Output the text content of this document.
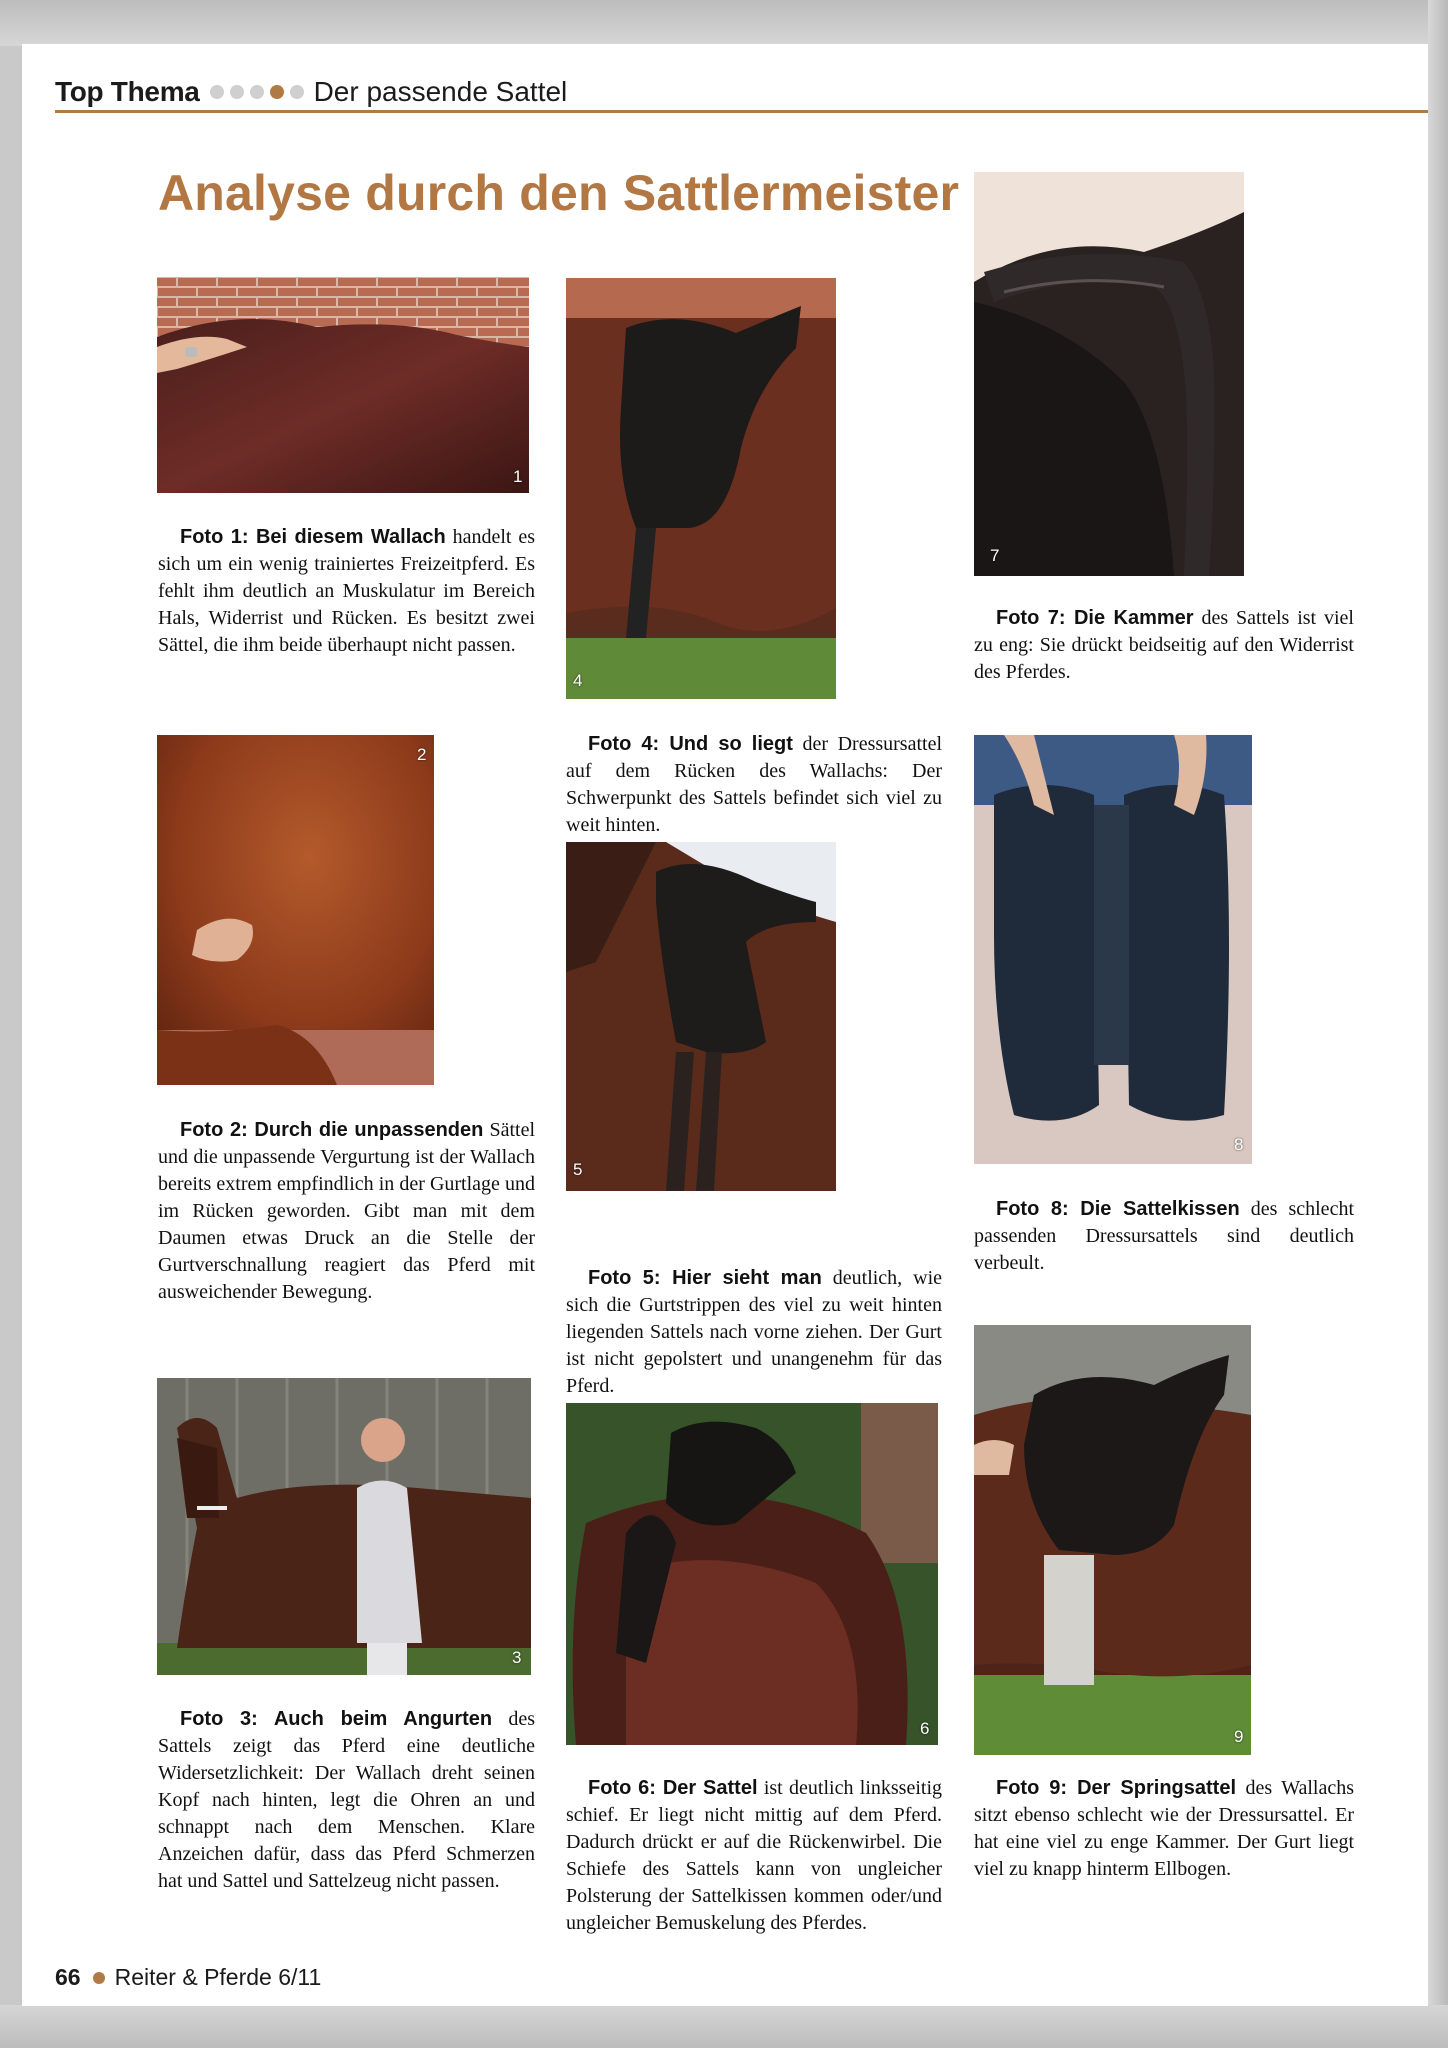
Top Thema	Der passende Sattel
Analyse durch den Sattlermeister
1

Foto 1: Bei diesem Wallach handelt es sich um ein wenig trainiertes Freizeitpferd. Es fehlt ihm deutlich an Muskulatur im Bereich Hals, Widerrist und Rücken. Es besitzt zwei Sättel, die ihm beide überhaupt nicht passen.

2

Foto 2: Durch die unpassenden Sättel und die unpassende Vergurtung ist der Wallach bereits extrem empfindlich in der Gurtlage und im Rücken geworden. Gibt man mit dem Daumen etwas Druck an die Stelle der Gurtverschnallung reagiert das Pferd mit ausweichender Bewegung.

3

Foto 3: Auch beim Angurten des Sattels zeigt das Pferd eine deutliche Widersetzlichkeit: Der Wallach dreht seinen Kopf nach hinten, legt die Ohren an und schnappt nach dem Menschen. Klare Anzeichen dafür, dass das Pferd Schmerzen hat und Sattel und Sattelzeug nicht passen.

4

Foto 4: Und so liegt der Dressursattel auf dem Rücken des Wallachs: Der Schwerpunkt des Sattels befindet sich viel zu weit hinten.

5

Foto 5: Hier sieht man deutlich, wie sich die Gurtstrippen des viel zu weit hinten liegenden Sattels nach vorne ziehen. Der Gurt ist nicht gepolstert und unangenehm für das Pferd.

6

Foto 6: Der Sattel ist deutlich linksseitig schief. Er liegt nicht mittig auf dem Pferd. Dadurch drückt er auf die Rückenwirbel. Die Schiefe des Sattels kann von ungleicher Polsterung der Sattelkissen kommen oder/und ungleicher Bemuskelung des Pferdes.

7

Foto 7: Die Kammer des Sattels ist viel zu eng: Sie drückt beidseitig auf den Widerrist des Pferdes.

8

Foto 8: Die Sattelkissen des schlecht passenden Dressursattels sind deutlich verbeult.

9

Foto 9: Der Springsattel des Wallachs sitzt ebenso schlecht wie der Dressursattel. Er hat eine viel zu enge Kammer. Der Gurt liegt viel zu knapp hinterm Ellbogen.

66 Reiter & Pferde 6/11
